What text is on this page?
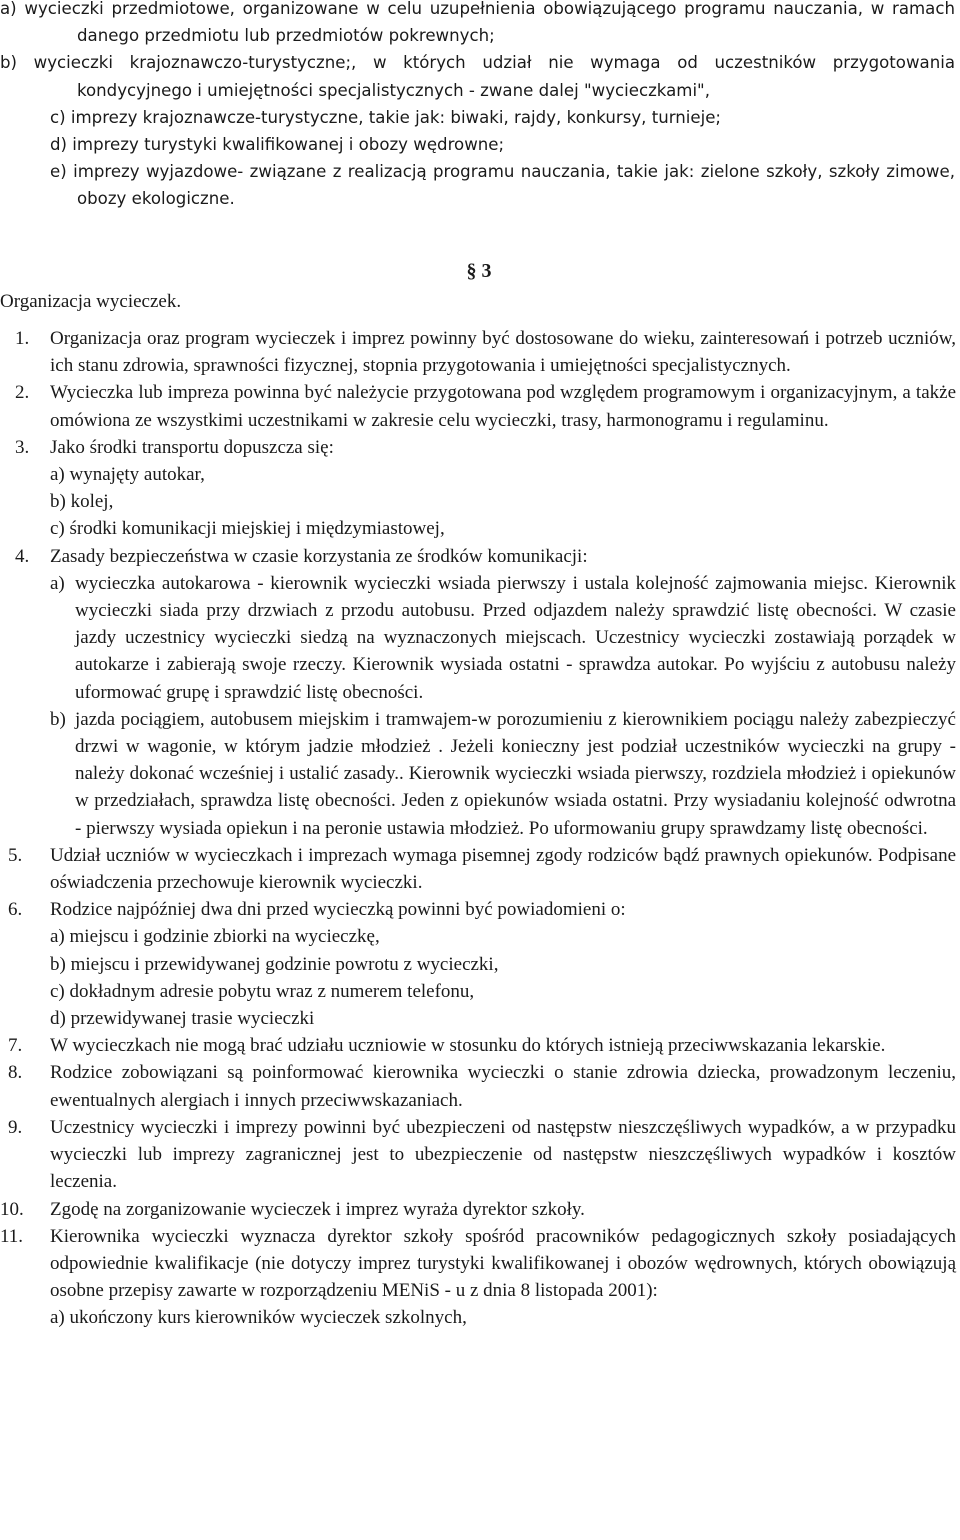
a) wycieczki przedmiotowe, organizowane w celu uzupełnienia obowiązującego programu nauczania, w ramach danego przedmiotu lub przedmiotów pokrewnych;
b) wycieczki krajoznawczo-turystyczne;, w których udział nie wymaga od uczestników przygotowania kondycyjnego i umiejętności specjalistycznych - zwane dalej "wycieczkami",
c) imprezy krajoznawcze-turystyczne, takie jak: biwaki, rajdy, konkursy, turnieje;
d) imprezy turystyki kwalifikowanej i obozy wędrowne;
e) imprezy wyjazdowe- związane z realizacją programu nauczania, takie jak: zielone szkoły, szkoły zimowe, obozy ekologiczne.
§ 3
Organizacja wycieczek.
1.	Organizacja oraz program wycieczek i imprez powinny być dostosowane do wieku, zainteresowań i potrzeb uczniów, ich stanu zdrowia, sprawności fizycznej, stopnia przygotowania i umiejętności specjalistycznych.
2.	Wycieczka lub impreza powinna być należycie przygotowana pod względem programowym i organizacyjnym, a także omówiona ze wszystkimi uczestnikami w zakresie celu wycieczki, trasy, harmonogramu i regulaminu.
3.	Jako środki transportu dopuszcza się:
a) wynajęty autokar,
b) kolej,
c) środki komunikacji miejskiej i międzymiastowej,
4.	Zasady bezpieczeństwa w czasie korzystania ze środków komunikacji:
a) wycieczka autokarowa - kierownik wycieczki wsiada pierwszy i ustala kolejność zajmowania miejsc. Kierownik wycieczki siada przy drzwiach z przodu autobusu. Przed odjazdem należy sprawdzić listę obecności. W czasie jazdy uczestnicy wycieczki siedzą na wyznaczonych miejscach. Uczestnicy wycieczki zostawiają porządek w autokarze i zabierają swoje rzeczy. Kierownik wysiada ostatni - sprawdza autokar. Po wyjściu z autobusu należy uformować grupę i sprawdzić listę obecności.
b) jazda pociągiem, autobusem miejskim i tramwajem-w porozumieniu z kierownikiem pociągu należy zabezpieczyć drzwi w wagonie, w którym jadzie młodzież . Jeżeli konieczny jest podział uczestników wycieczki na grupy - należy dokonać wcześniej i ustalić zasady.. Kierownik wycieczki wsiada pierwszy, rozdziela młodzież i opiekunów w przedziałach, sprawdza listę obecności. Jeden z opiekunów wsiada ostatni. Przy wysiadaniu kolejność odwrotna - pierwszy wysiada opiekun i na peronie ustawia młodzież. Po uformowaniu grupy sprawdzamy listę obecności.
5.	Udział uczniów w wycieczkach i imprezach wymaga pisemnej zgody rodziców bądź prawnych opiekunów. Podpisane oświadczenia przechowuje kierownik wycieczki.
6.	Rodzice najpóźniej dwa dni przed wycieczką powinni być powiadomieni o:
a) miejscu i godzinie zbiorki na wycieczkę,
b) miejscu i przewidywanej godzinie powrotu z wycieczki,
c) dokładnym adresie pobytu wraz z numerem telefonu,
d) przewidywanej trasie wycieczki
7.	W wycieczkach nie mogą brać udziału uczniowie w stosunku do których istnieją przeciwwskazania lekarskie.
8.	Rodzice zobowiązani są poinformować kierownika wycieczki o stanie zdrowia dziecka, prowadzonym leczeniu, ewentualnych alergiach i innych przeciwwskazaniach.
9.	Uczestnicy wycieczki i imprezy powinni być ubezpieczeni od następstw nieszczęśliwych wypadków, a w przypadku wycieczki lub imprezy zagranicznej jest to ubezpieczenie od następstw nieszczęśliwych wypadków i kosztów leczenia.
10.	Zgodę na zorganizowanie wycieczek i imprez wyraża dyrektor szkoły.
11.	Kierownika wycieczki wyznacza dyrektor szkoły spośród pracowników pedagogicznych szkoły posiadających odpowiednie kwalifikacje (nie dotyczy imprez turystyki kwalifikowanej i obozów wędrownych, których obowiązują osobne przepisy zawarte w rozporządzeniu MENiS - u z dnia 8 listopada 2001):
a) ukończony kurs kierowników wycieczek szkolnych,
